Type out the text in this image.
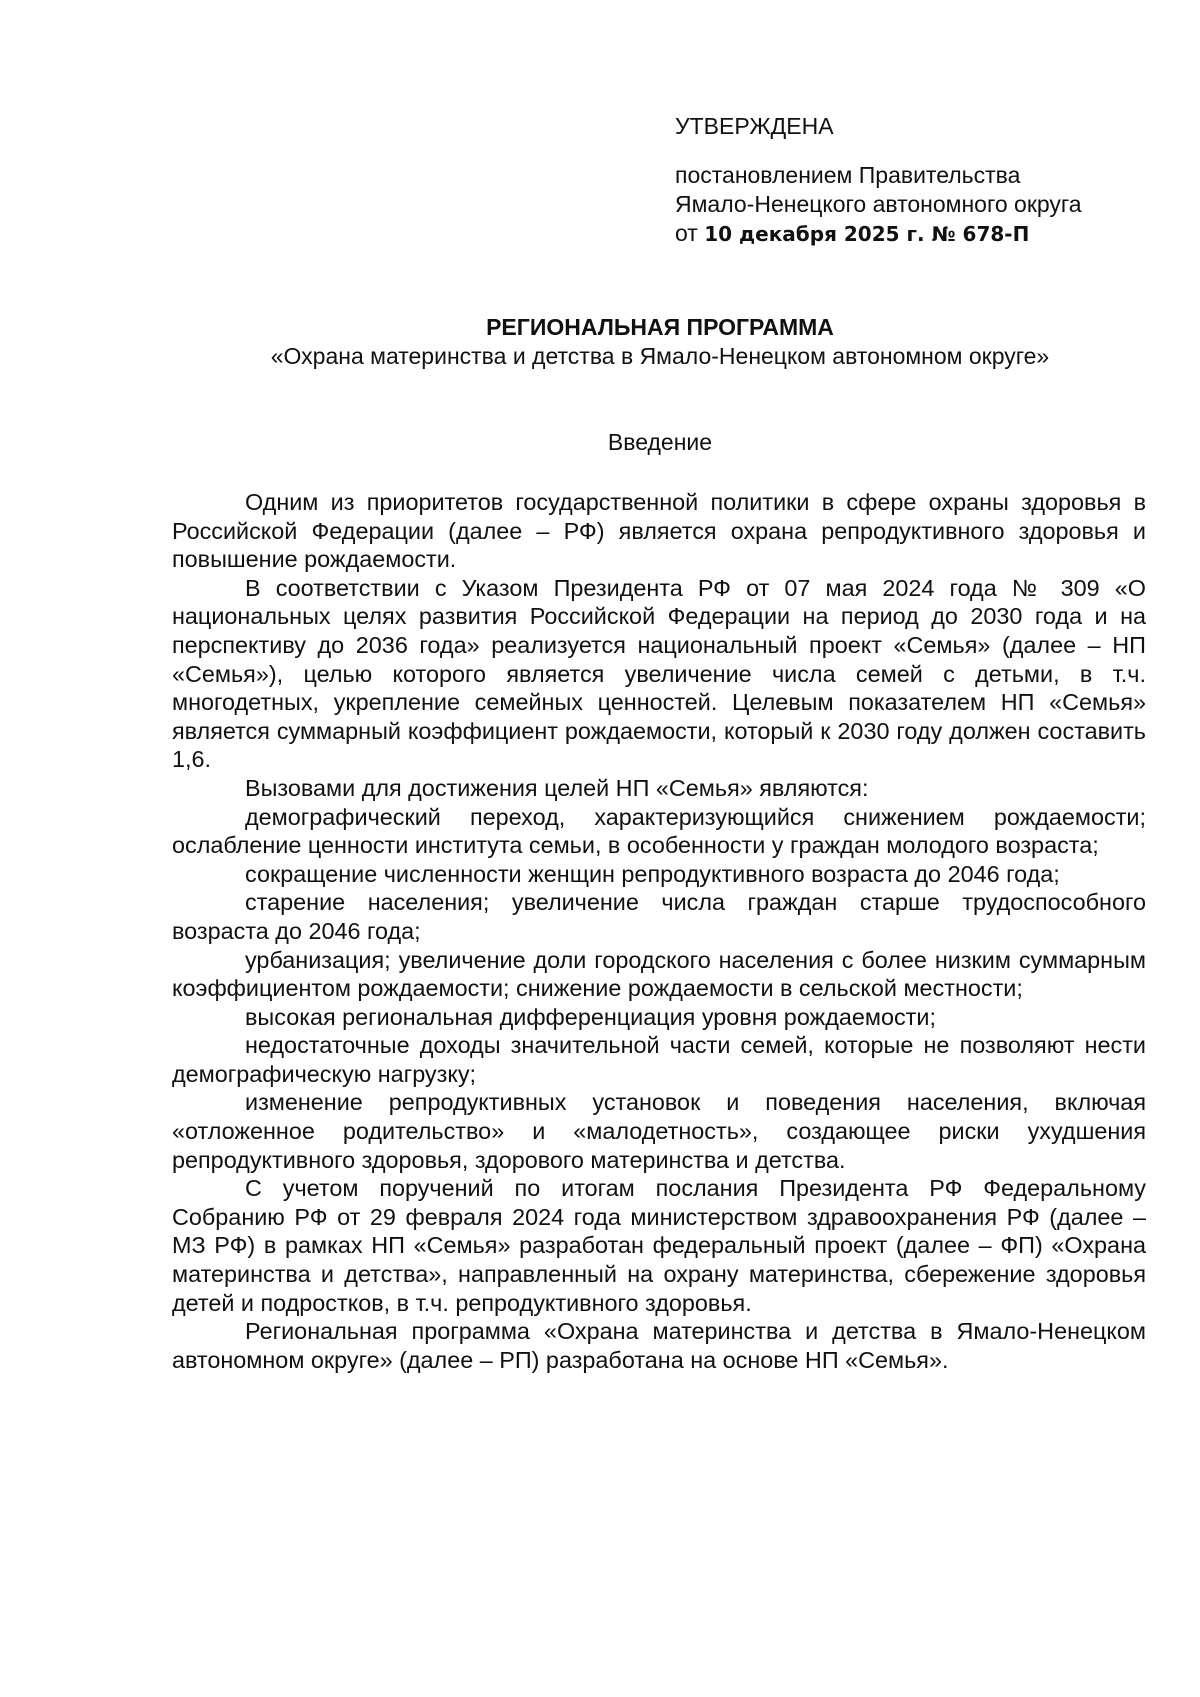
УТВЕРЖДЕНА
постановлением Правительства
Ямало-Ненецкого автономного округа
от 10 декабря 2025 г. № 678-П
РЕГИОНАЛЬНАЯ ПРОГРАММА
«Охрана материнства и детства в Ямало-Ненецком автономном округе»
Введение

Одним из приоритетов государственной политики в сфере охраны здоровья в Российской Федерации (далее – РФ) является охрана репродуктивного здоровья и повышение рождаемости.

В соответствии с Указом Президента РФ от 07 мая 2024 года № 309 «О национальных целях развития Российской Федерации на период до 2030 года и на перспективу до 2036 года» реализуется национальный проект «Семья» (далее – НП «Семья»), целью которого является увеличение числа семей с детьми, в т.ч. многодетных, укрепление семейных ценностей. Целевым показателем НП «Семья» является суммарный коэффициент рождаемости, который к 2030 году должен составить 1,6.

Вызовами для достижения целей НП «Семья» являются:

демографический переход, характеризующийся снижением рождаемости; ослабление ценности института семьи, в особенности у граждан молодого возраста;

сокращение численности женщин репродуктивного возраста до 2046 года;

старение населения; увеличение числа граждан старше трудоспособного возраста до 2046 года;

урбанизация; увеличение доли городского населения с более низким суммарным коэффициентом рождаемости; снижение рождаемости в сельской местности;

высокая региональная дифференциация уровня рождаемости;

недостаточные доходы значительной части семей, которые не позволяют нести демографическую нагрузку;

изменение репродуктивных установок и поведения населения, включая «отложенное родительство» и «малодетность», создающее риски ухудшения репродуктивного здоровья, здорового материнства и детства.

С учетом поручений по итогам послания Президента РФ Федеральному Собранию РФ от 29 февраля 2024 года министерством здравоохранения РФ (далее – МЗ РФ) в рамках НП «Семья» разработан федеральный проект (далее – ФП) «Охрана материнства и детства», направленный на охрану материнства, сбережение здоровья детей и подростков, в т.ч. репродуктивного здоровья.

Региональная программа «Охрана материнства и детства в Ямало-Ненецком автономном округе» (далее – РП) разработана на основе НП «Семья».
